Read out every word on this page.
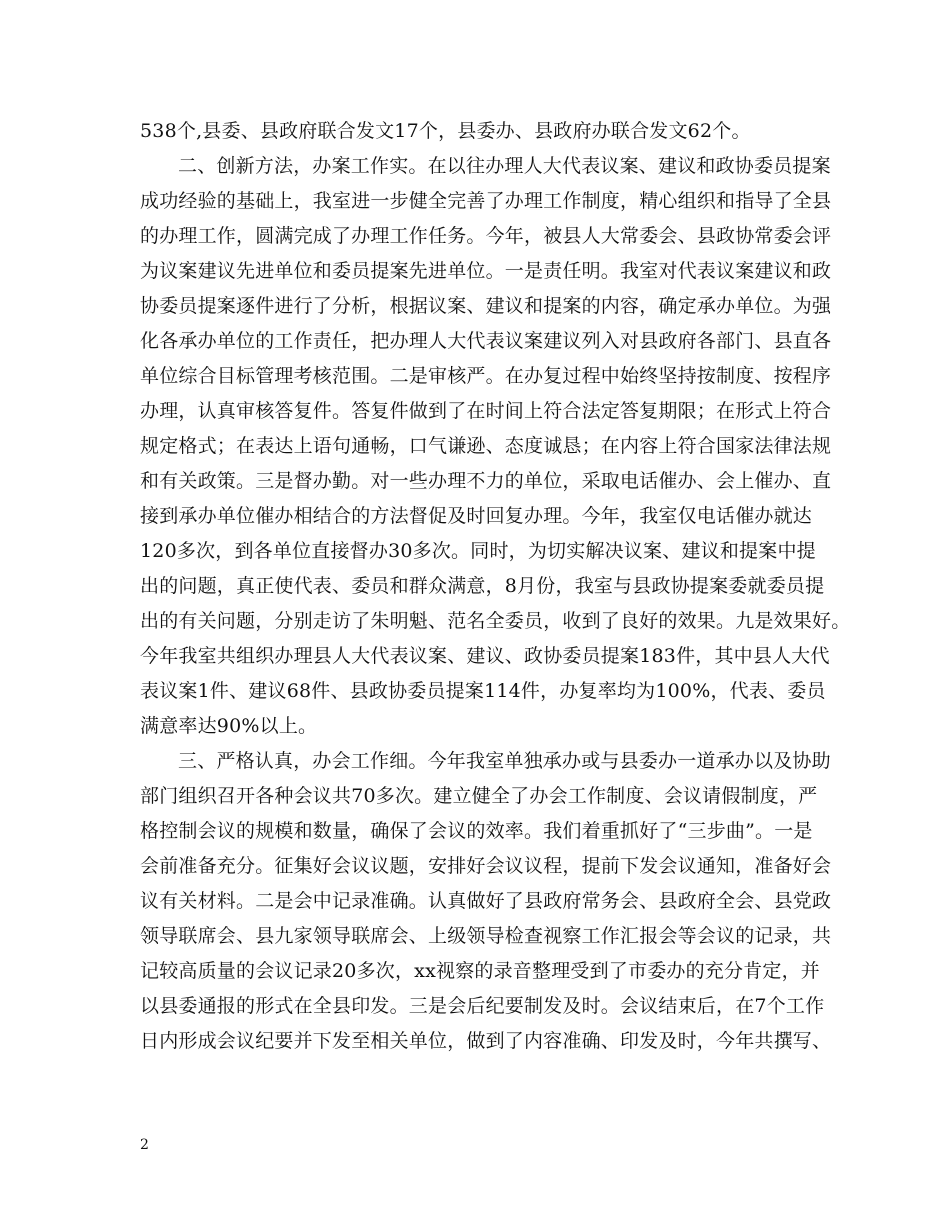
538个,县委、县政府联合发文17个，县委办、县政府办联合发文62个。
二、创新方法，办案工作实。在以往办理人大代表议案、建议和政协委员提案
成功经验的基础上，我室进一步健全完善了办理工作制度，精心组织和指导了全县
的办理工作，圆满完成了办理工作任务。今年，被县人大常委会、县政协常委会评
为议案建议先进单位和委员提案先进单位。一是责任明。我室对代表议案建议和政
协委员提案逐件进行了分析，根据议案、建议和提案的内容，确定承办单位。为强
化各承办单位的工作责任，把办理人大代表议案建议列入对县政府各部门、县直各
单位综合目标管理考核范围。二是审核严。在办复过程中始终坚持按制度、按程序
办理，认真审核答复件。答复件做到了在时间上符合法定答复期限；在形式上符合
规定格式；在表达上语句通畅，口气谦逊、态度诚恳；在内容上符合国家法律法规
和有关政策。三是督办勤。对一些办理不力的单位，采取电话催办、会上催办、直
接到承办单位催办相结合的方法督促及时回复办理。今年，我室仅电话催办就达
120多次，到各单位直接督办30多次。同时，为切实解决议案、建议和提案中提
出的问题，真正使代表、委员和群众满意，8月份，我室与县政协提案委就委员提
出的有关问题，分别走访了朱明魁、范名全委员，收到了良好的效果。九是效果好。
今年我室共组织办理县人大代表议案、建议、政协委员提案183件，其中县人大代
表议案1件、建议68件、县政协委员提案114件，办复率均为100%，代表、委员
满意率达90%以上。
三、严格认真，办会工作细。今年我室单独承办或与县委办一道承办以及协助
部门组织召开各种会议共70多次。建立健全了办会工作制度、会议请假制度，严
格控制会议的规模和数量，确保了会议的效率。我们着重抓好了“三步曲”。一是
会前准备充分。征集好会议议题，安排好会议议程，提前下发会议通知，准备好会
议有关材料。二是会中记录准确。认真做好了县政府常务会、县政府全会、县党政
领导联席会、县九家领导联席会、上级领导检查视察工作汇报会等会议的记录，共
记较高质量的会议记录20多次，xx视察的录音整理受到了市委办的充分肯定，并
以县委通报的形式在全县印发。三是会后纪要制发及时。会议结束后，在7个工作
日内形成会议纪要并下发至相关单位，做到了内容准确、印发及时，今年共撰写、
2
